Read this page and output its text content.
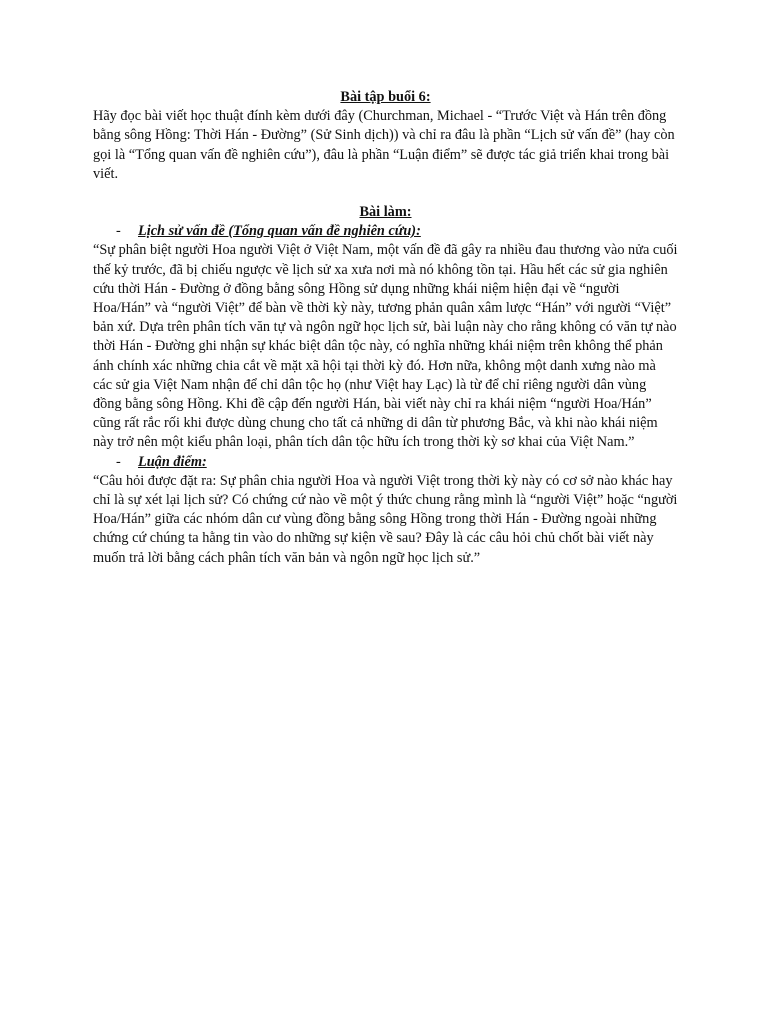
Bài tập buổi 6:

Hãy đọc bài viết học thuật đính kèm dưới đây (Churchman, Michael - “Trước Việt và Hán trên đồng bằng sông Hồng: Thời Hán - Đường” (Sử Sinh dịch)) và chỉ ra đâu là phần “Lịch sử vấn đề” (hay còn gọi là “Tổng quan vấn đề nghiên cứu”), đâu là phần “Luận điểm” sẽ được tác giả triển khai trong bài viết.

Bài làm:

- Lịch sử vấn đề (Tổng quan vấn đề nghiên cứu):

“Sự phân biệt người Hoa người Việt ở Việt Nam, một vấn đề đã gây ra nhiều đau thương vào nửa cuối thế kỷ trước, đã bị chiếu ngược về lịch sử xa xưa nơi mà nó không tồn tại. Hầu hết các sử gia nghiên cứu thời Hán - Đường ở đồng bằng sông Hồng sử dụng những khái niệm hiện đại về “người Hoa/Hán” và “người Việt” để bàn về thời kỳ này, tương phản quân xâm lược “Hán” với người “Việt” bản xứ. Dựa trên phân tích văn tự và ngôn ngữ học lịch sử, bài luận này cho rằng không có văn tự nào thời Hán - Đường ghi nhận sự khác biệt dân tộc này, có nghĩa những khái niệm trên không thể phản ánh chính xác những chia cắt về mặt xã hội tại thời kỳ đó. Hơn nữa, không một danh xưng nào mà các sử gia Việt Nam nhận để chỉ dân tộc họ (như Việt hay Lạc) là từ để chỉ riêng người dân vùng đồng bằng sông Hồng. Khi đề cập đến người Hán, bài viết này chỉ ra khái niệm “người Hoa/Hán” cũng rất rắc rối khi được dùng chung cho tất cả những di dân từ phương Bắc, và khi nào khái niệm này trở nên một kiểu phân loại, phân tích dân tộc hữu ích trong thời kỳ sơ khai của Việt Nam.”

- Luận điểm:

“Câu hỏi được đặt ra: Sự phân chia người Hoa và người Việt trong thời kỳ này có cơ sở nào khác hay chỉ là sự xét lại lịch sử? Có chứng cứ nào về một ý thức chung rằng mình là “người Việt” hoặc “người Hoa/Hán” giữa các nhóm dân cư vùng đồng bằng sông Hồng trong thời Hán - Đường ngoài những chứng cứ chúng ta hằng tin vào do những sự kiện về sau? Đây là các câu hỏi chủ chốt bài viết này muốn trả lời bằng cách phân tích văn bản và ngôn ngữ học lịch sử.”
